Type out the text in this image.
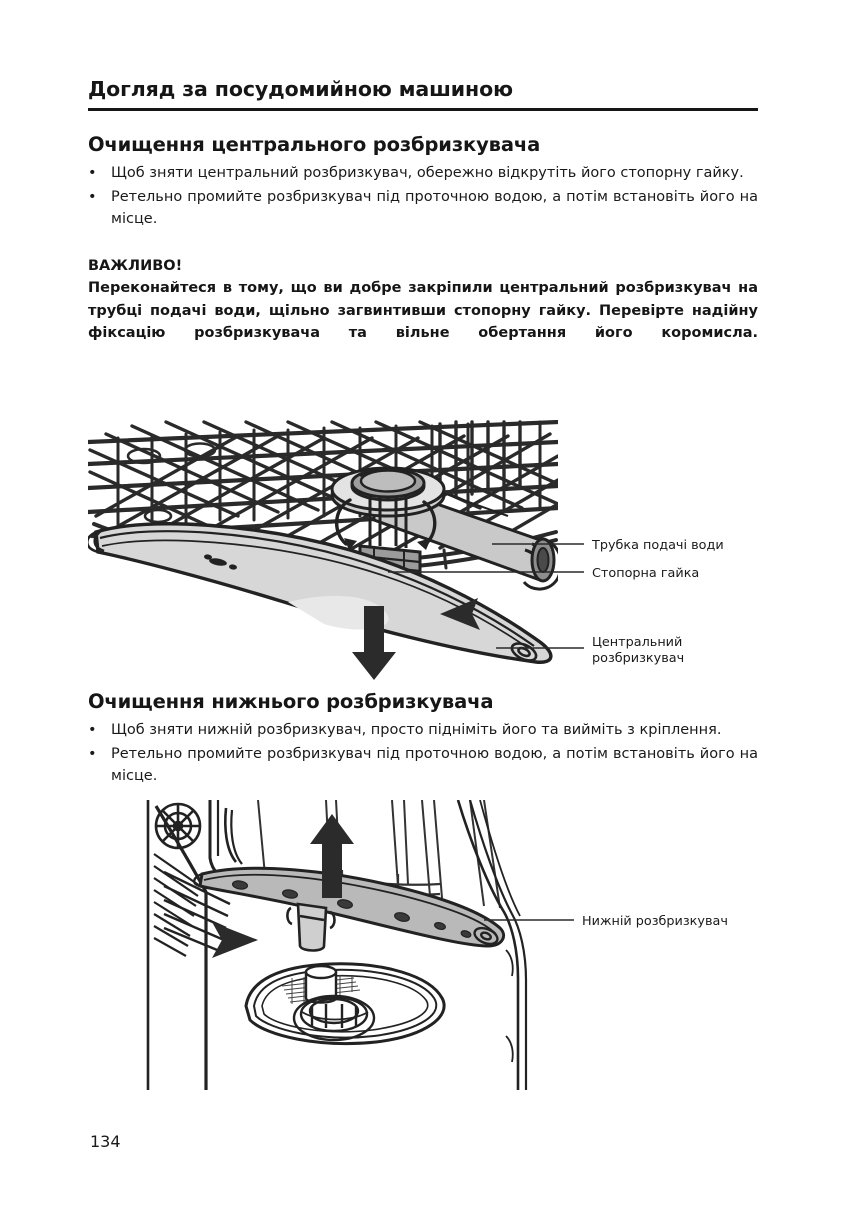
Догляд за посудомийною машиною
Очищення центрального розбризкувача
• Щоб зняти центральний розбризкувач, обережно відкрутіть його стопорну гайку.
• Ретельно промийте розбризкувач під проточною водою, а потім встановіть його на місце.
ВАЖЛИВО!
Переконайтеся в тому, що ви добре закріпили центральний розбризкувач на трубці подачі води, щільно загвинтивши стопорну гайку. Перевірте надійну фіксацію розбризкувача та вільне обертання його коромисла.
Трубка подачі води
Стопорна гайка
Центральний
розбризкувач
Очищення нижнього розбризкувача
• Щоб зняти нижній розбризкувач, просто підніміть його та вийміть з кріплення.
• Ретельно промийте розбризкувач під проточною водою, а потім встановіть його на місце.
Нижній розбризкувач
134
